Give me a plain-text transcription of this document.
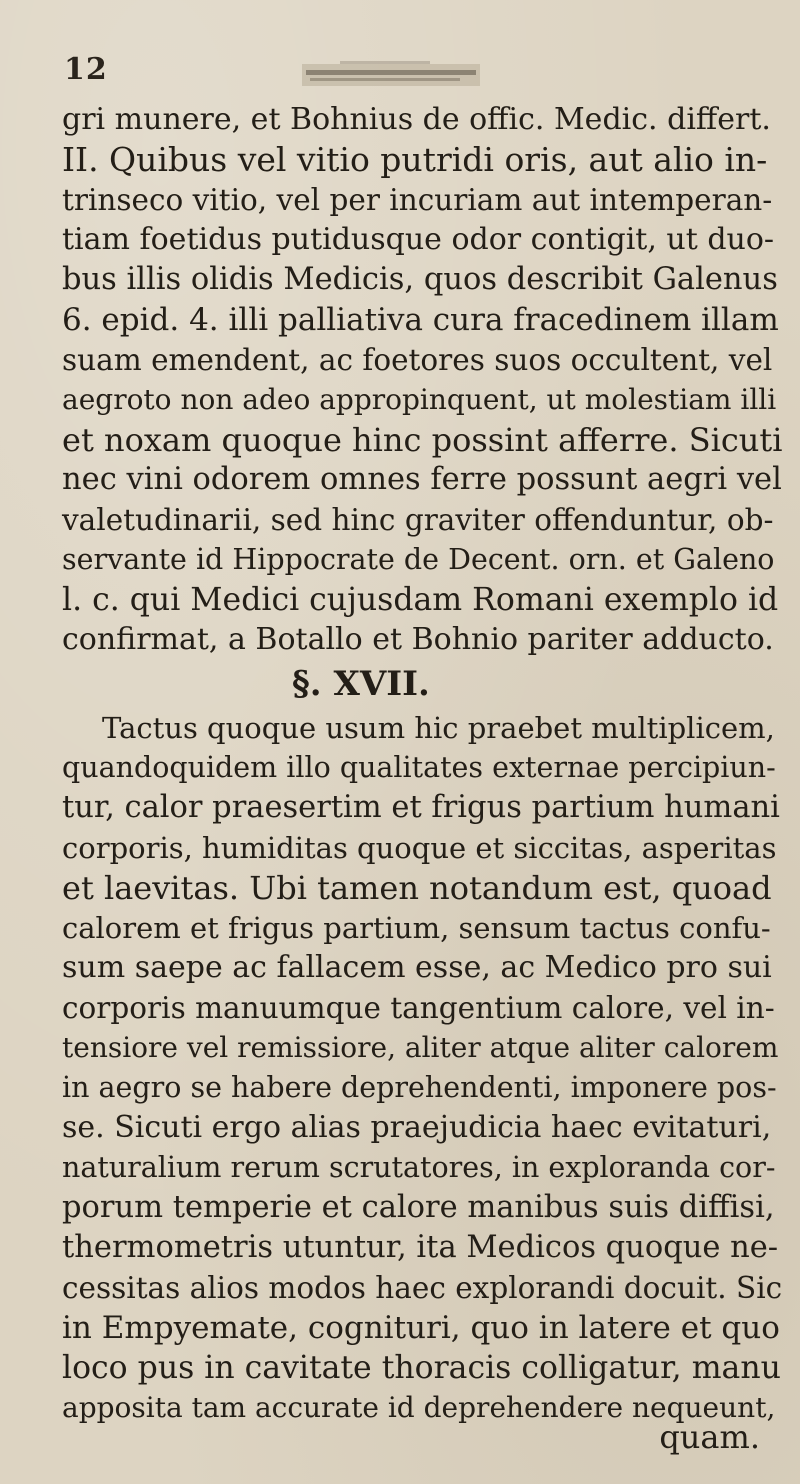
12
gri munere, et Bohnius de offic. Medic. differt.
II. Quibus vel vitio putridi oris, aut alio in-
trinseco vitio, vel per incuriam aut intemperan-
tiam foetidus putidusque odor contigit, ut duo-
bus illis olidis Medicis, quos describit Galenus
6. epid. 4. illi palliativa cura fracedinem illam
suam emendent, ac foetores suos occultent, vel
aegroto non adeo appropinquent, ut molestiam illi
et noxam quoque hinc possint afferre. Sicuti
nec vini odorem omnes ferre possunt aegri vel
valetudinarii, sed hinc graviter offenduntur, ob-
servante id Hippocrate de Decent. orn. et Galeno
l. c. qui Medici cujusdam Romani exemplo id
confirmat, a Botallo et Bohnio pariter adducto.
§. XVII.
Tactus quoque usum hic praebet multiplicem,
quandoquidem illo qualitates externae percipiun-
tur, calor praesertim et frigus partium humani
corporis, humiditas quoque et siccitas, asperitas
et laevitas. Ubi tamen notandum est, quoad
calorem et frigus partium, sensum tactus confu-
sum saepe ac fallacem esse, ac Medico pro sui
corporis manuumque tangentium calore, vel in-
tensiore vel remissiore, aliter atque aliter calorem
in aegro se habere deprehendenti, imponere pos-
se. Sicuti ergo alias praejudicia haec evitaturi,
naturalium rerum scrutatores, in exploranda cor-
porum temperie et calore manibus suis diffisi,
thermometris utuntur, ita Medicos quoque ne-
cessitas alios modos haec explorandi docuit. Sic
in Empyemate, cognituri, quo in latere et quo
loco pus in cavitate thoracis colligatur, manu
apposita tam accurate id deprehendere nequeunt,
quam.
